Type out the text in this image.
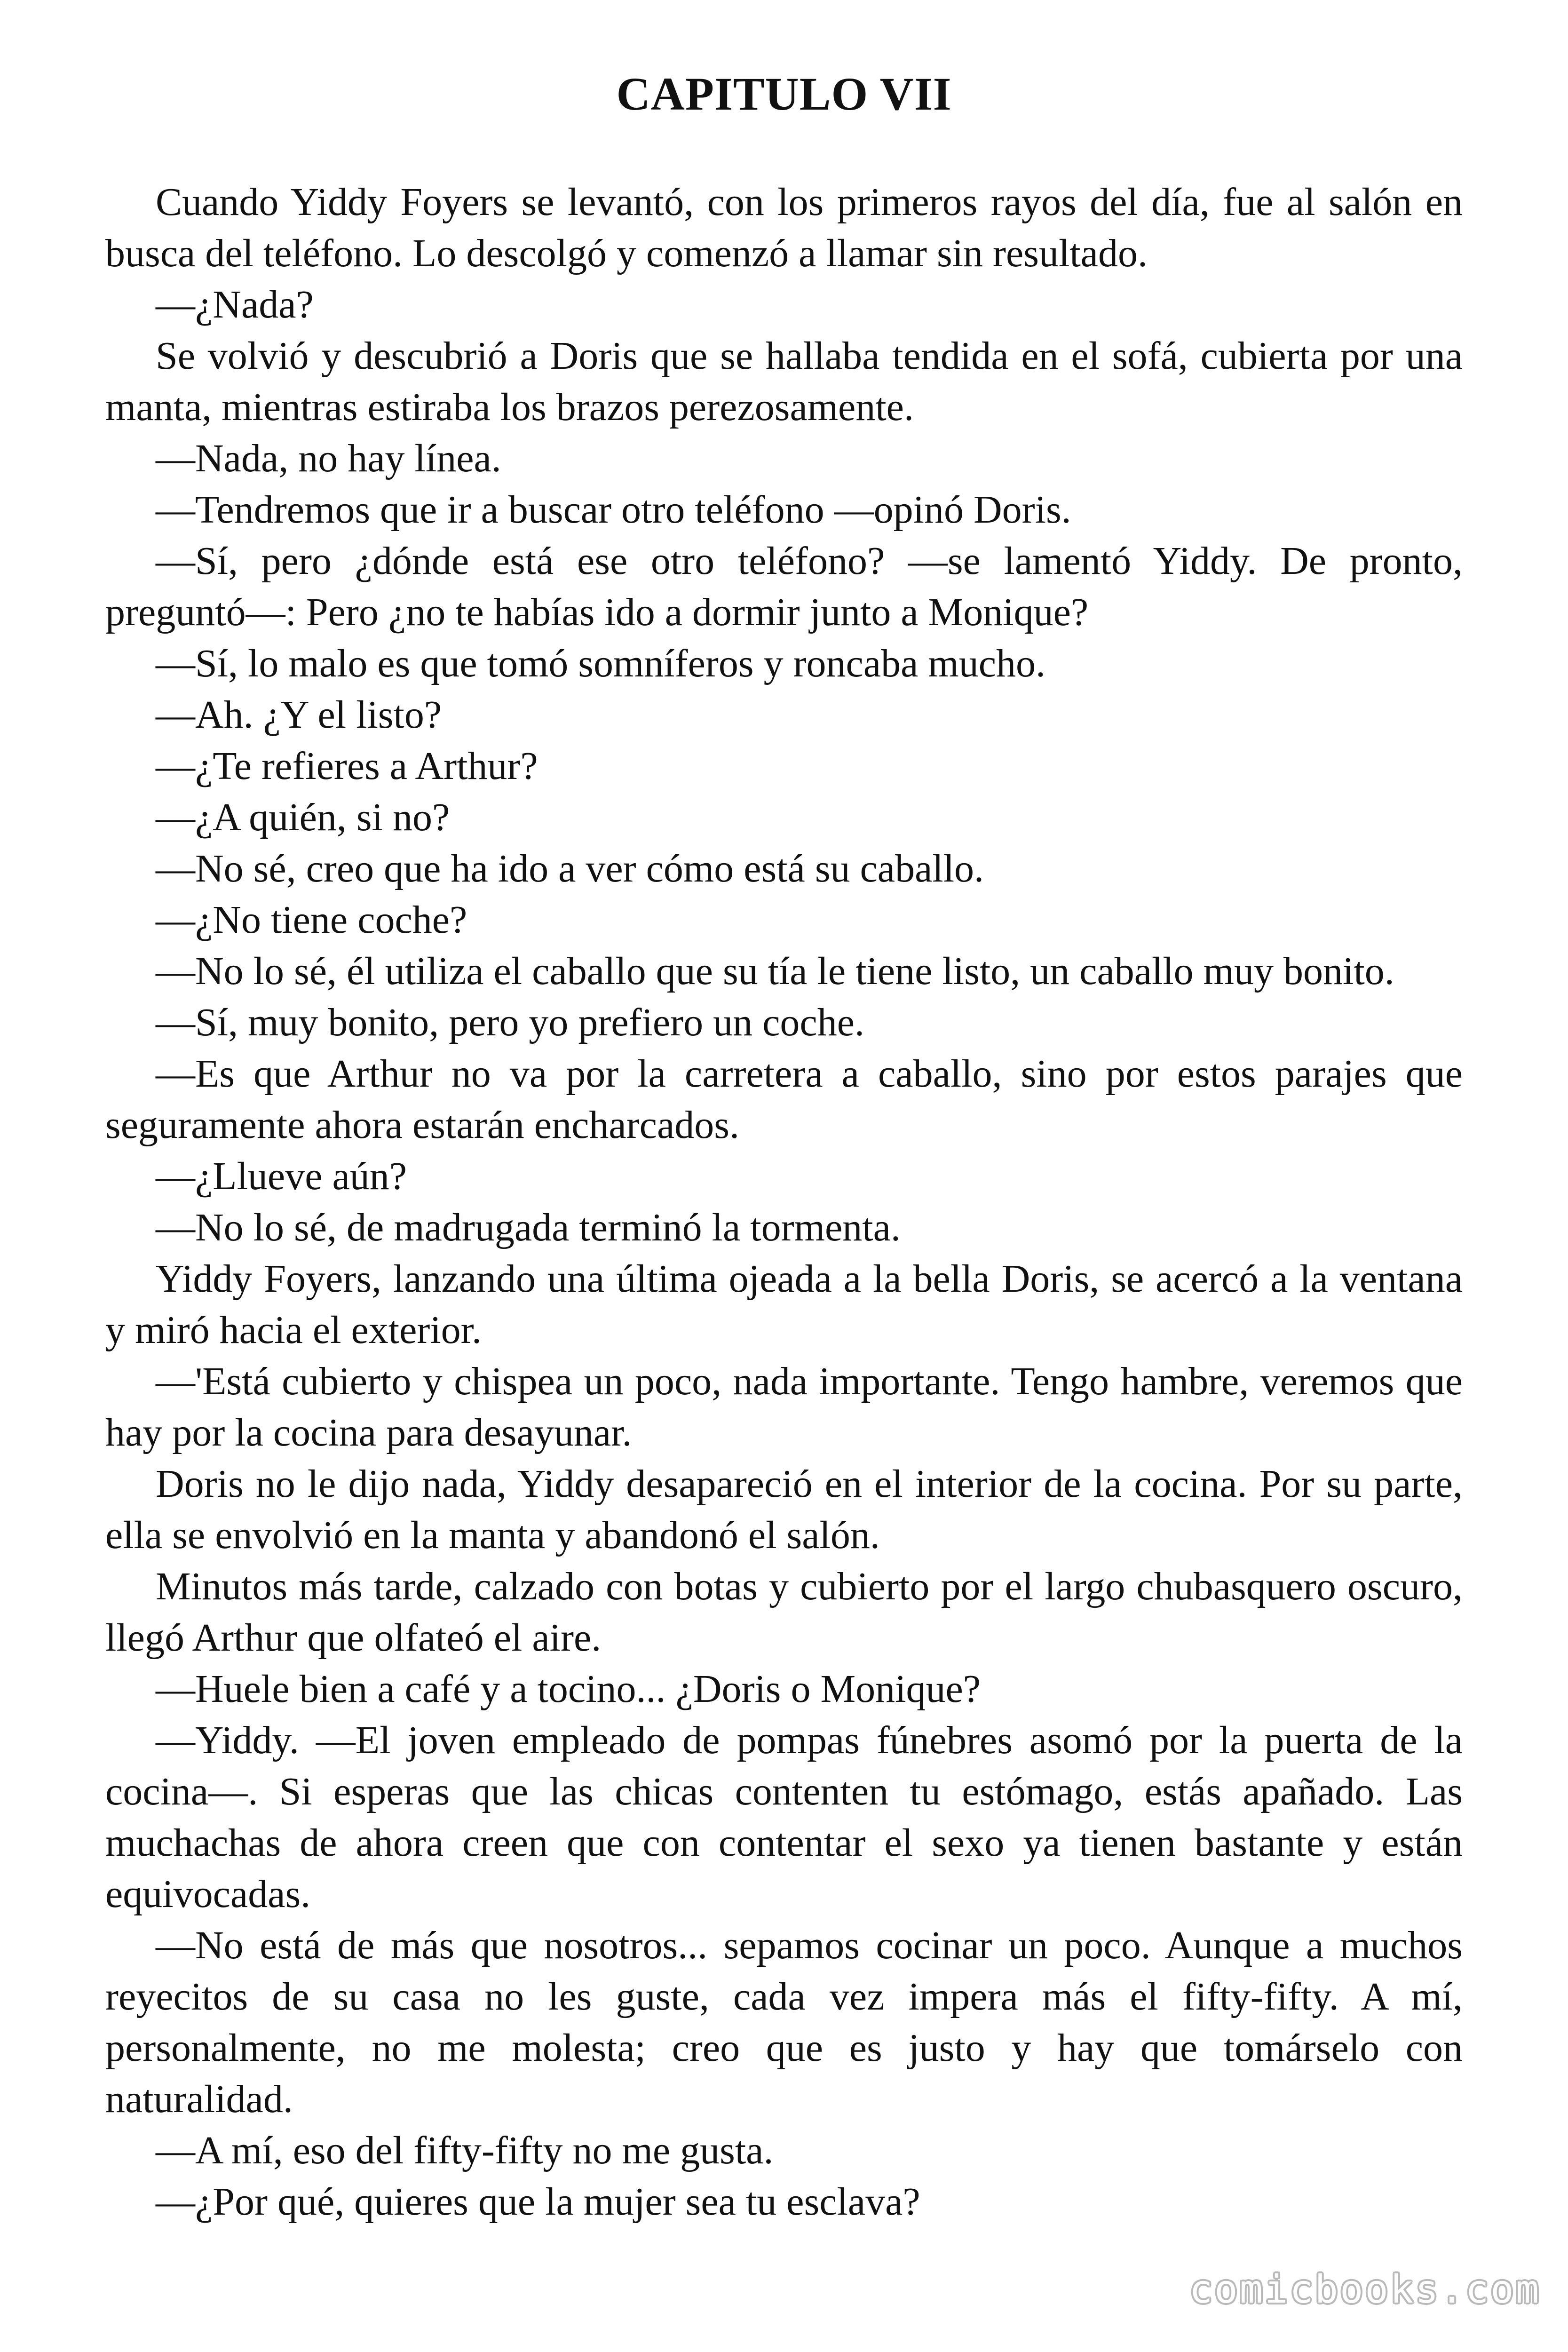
CAPITULO VII

Cuando Yiddy Foyers se levantó, con los primeros rayos del día, fue al salón en busca del teléfono. Lo descolgó y comenzó a llamar sin resultado.

—¿Nada?

Se volvió y descubrió a Doris que se hallaba tendida en el sofá, cubierta por una manta, mientras estiraba los brazos perezosamente.

—Nada, no hay línea.

—Tendremos que ir a buscar otro teléfono —opinó Doris.

—Sí, pero ¿dónde está ese otro teléfono? —se lamentó Yiddy. De pronto, preguntó—: Pero ¿no te habías ido a dormir junto a Monique?

—Sí, lo malo es que tomó somníferos y roncaba mucho.

—Ah. ¿Y el listo?

—¿Te refieres a Arthur?

—¿A quién, si no?

—No sé, creo que ha ido a ver cómo está su caballo.

—¿No tiene coche?

—No lo sé, él utiliza el caballo que su tía le tiene listo, un caballo muy bonito.

—Sí, muy bonito, pero yo prefiero un coche.

—Es que Arthur no va por la carretera a caballo, sino por estos parajes que seguramente ahora estarán encharcados.

—¿Llueve aún?

—No lo sé, de madrugada terminó la tormenta.

Yiddy Foyers, lanzando una última ojeada a la bella Doris, se acercó a la ventana y miró hacia el exterior.

—'Está cubierto y chispea un poco, nada importante. Tengo hambre, veremos que hay por la cocina para desayunar.

Doris no le dijo nada, Yiddy desapareció en el interior de la cocina. Por su parte, ella se envolvió en la manta y abandonó el salón.

Minutos más tarde, calzado con botas y cubierto por el largo chubasquero oscuro, llegó Arthur que olfateó el aire.

—Huele bien a café y a tocino... ¿Doris o Monique?

—Yiddy. —El joven empleado de pompas fúnebres asomó por la puerta de la cocina—. Si esperas que las chicas contenten tu estómago, estás apañado. Las muchachas de ahora creen que con contentar el sexo ya tienen bastante y están equivocadas.

—No está de más que nosotros... sepamos cocinar un poco. Aunque a muchos reyecitos de su casa no les guste, cada vez impera más el fifty-fifty. A mí, personalmente, no me molesta; creo que es justo y hay que tomárselo con naturalidad.

—A mí, eso del fifty-fifty no me gusta.

—¿Por qué, quieres que la mujer sea tu esclava?

comicbooks.com
